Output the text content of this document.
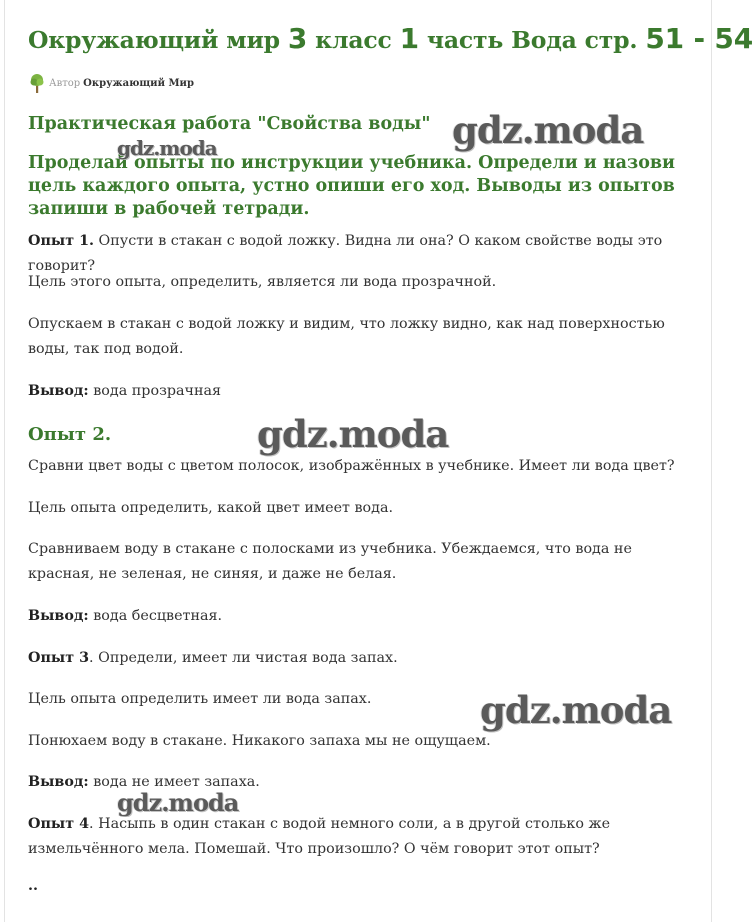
Окружающий мир 3 класс 1 часть Вода стр. 51 - 54
Автор Окружающий Мир
Практическая работа "Свойства воды"
Проделай опыты по инструкции учебника. Определи и назови цель каждого опыта, устно опиши его ход. Выводы из опытов запиши в рабочей тетради.

Опыт 1. Опусти в стакан с водой ложку. Видна ли она? О каком свойстве воды это говорит?

Цель этого опыта, определить, является ли вода прозрачной.

Опускаем в стакан с водой ложку и видим, что ложку видно, как над поверхностью воды, так под водой.

Вывод: вода прозрачная

Опыт 2.

Сравни цвет воды с цветом полосок, изображённых в учебнике. Имеет ли вода цвет?

Цель опыта определить, какой цвет имеет вода.

Сравниваем воду в стакане с полосками из учебника. Убеждаемся, что вода не красная, не зеленая, не синяя, и даже не белая.

Вывод: вода бесцветная.

Опыт 3. Определи, имеет ли чистая вода запах.

Цель опыта определить имеет ли вода запах.

Понюхаем воду в стакане. Никакого запаха мы не ощущаем.

Вывод: вода не имеет запаха.

Опыт 4. Насыпь в один стакан с водой немного соли, а в другой столько же измельчённого мела. Помешай. Что произошло? О чём говорит этот опыт?

..

gdz.moda
gdz.moda
gdz.moda
gdz.moda
gdz.moda
